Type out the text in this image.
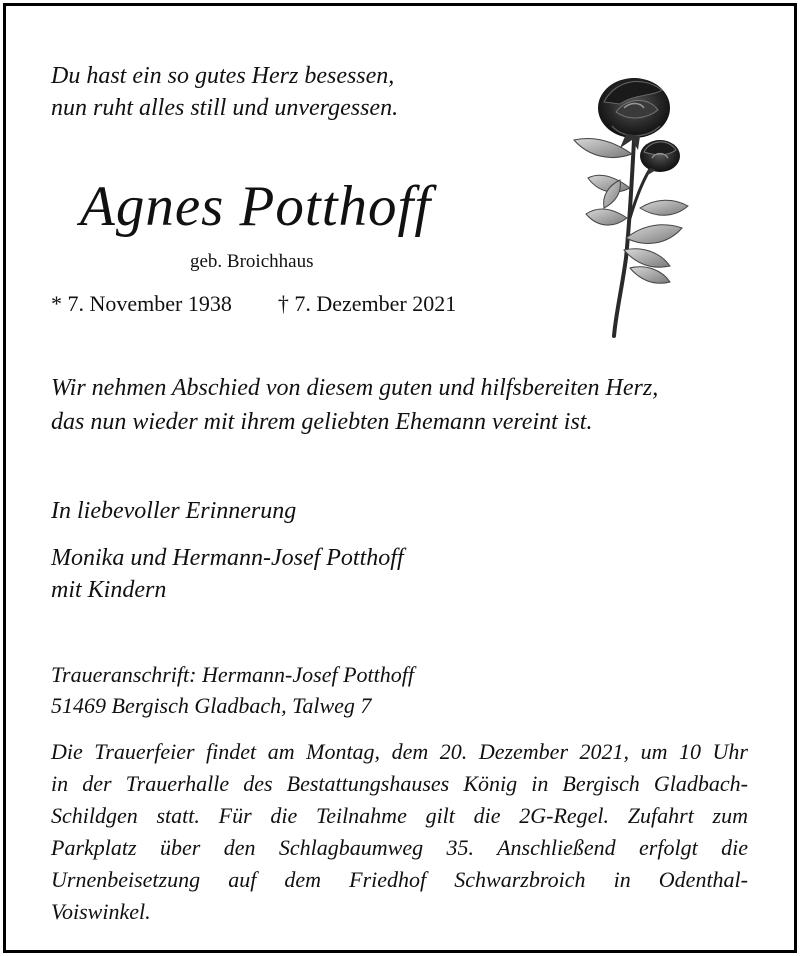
Du hast ein so gutes Herz besessen,
nun ruht alles still und unvergessen.
Agnes Potthoff
geb. Broichhaus
* 7. November 1938 † 7. Dezember 2021
Wir nehmen Abschied von diesem guten und hilfsbereiten Herz,
das nun wieder mit ihrem geliebten Ehemann vereint ist.
In liebevoller Erinnerung
Monika und Hermann-Josef Potthoff
mit Kindern
Traueranschrift: Hermann-Josef Potthoff
51469 Bergisch Gladbach, Talweg 7
Die Trauerfeier findet am Montag, dem 20. Dezember 2021, um 10 Uhr
in der Trauerhalle des Bestattungshauses König in Bergisch Gladbach-
Schildgen statt. Für die Teilnahme gilt die 2G-Regel. Zufahrt zum
Parkplatz über den Schlagbaumweg 35. Anschließend erfolgt die
Urnenbeisetzung auf dem Friedhof Schwarzbroich in Odenthal-
Voiswinkel.
